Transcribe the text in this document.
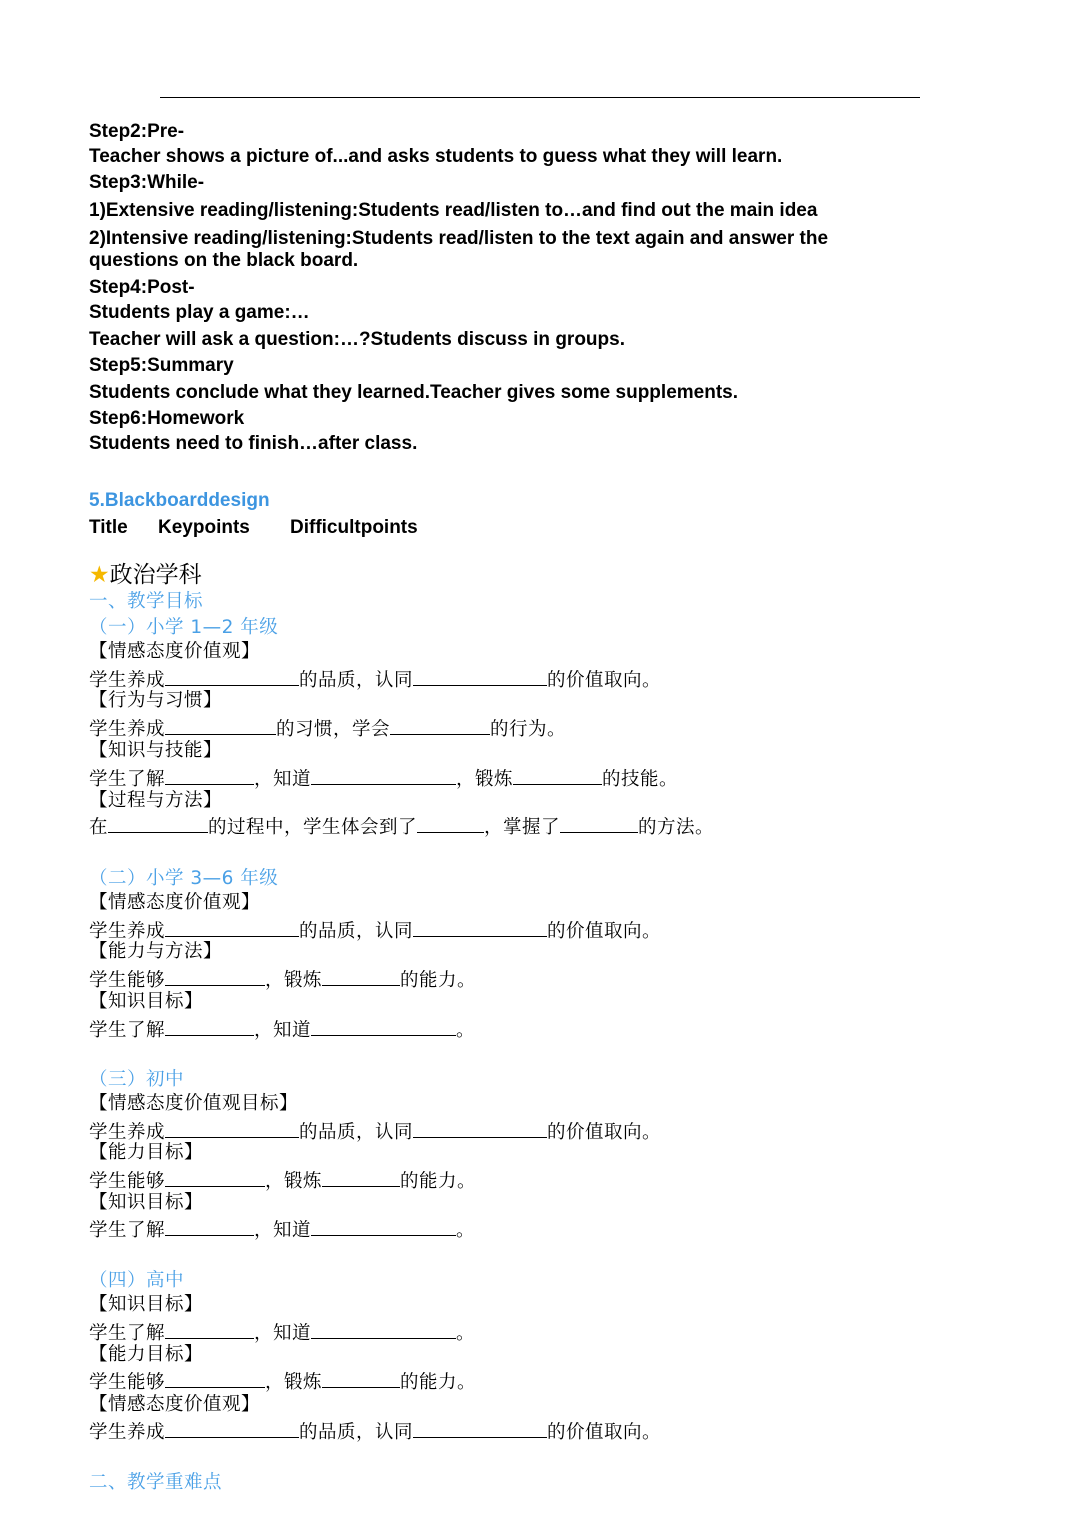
Step2:Pre-
Teacher shows a picture of...and asks students to guess what they will learn.
Step3:While-
1)Extensive reading/listening:Students read/listen to…and find out the main idea
2)Intensive reading/listening:Students read/listen to the text again and answer the
questions on the black board.
Step4:Post-
Students play a game:…
Teacher will ask a question:…?Students discuss in groups.
Step5:Summary
Students conclude what they learned.Teacher gives some supplements.
Step6:Homework
Students need to finish…after class.
5.Blackboarddesign
Title Keypoints Difficultpoints
★政治学科
一、教学目标
（一）小学 1—2 年级
【情感态度价值观】
学生养成	的品质，认同	的价值取向。
【行为与习惯】
学生养成	的习惯，学会	的行为。
【知识与技能】
学生了解	，知道	，锻炼	的技能。
【过程与方法】
在	的过程中，学生体会到了	，掌握了	的方法。
（二）小学 3—6 年级
【情感态度价值观】
学生养成	的品质，认同	的价值取向。
【能力与方法】
学生能够	，锻炼	的能力。
【知识目标】
学生了解	，知道	。
（三）初中
【情感态度价值观目标】
学生养成	的品质，认同	的价值取向。
【能力目标】
学生能够	，锻炼	的能力。
【知识目标】
学生了解	，知道	。
（四）高中
【知识目标】
学生了解	，知道	。
【能力目标】
学生能够	，锻炼	的能力。
【情感态度价值观】
学生养成	的品质，认同	的价值取向。
二、教学重难点
